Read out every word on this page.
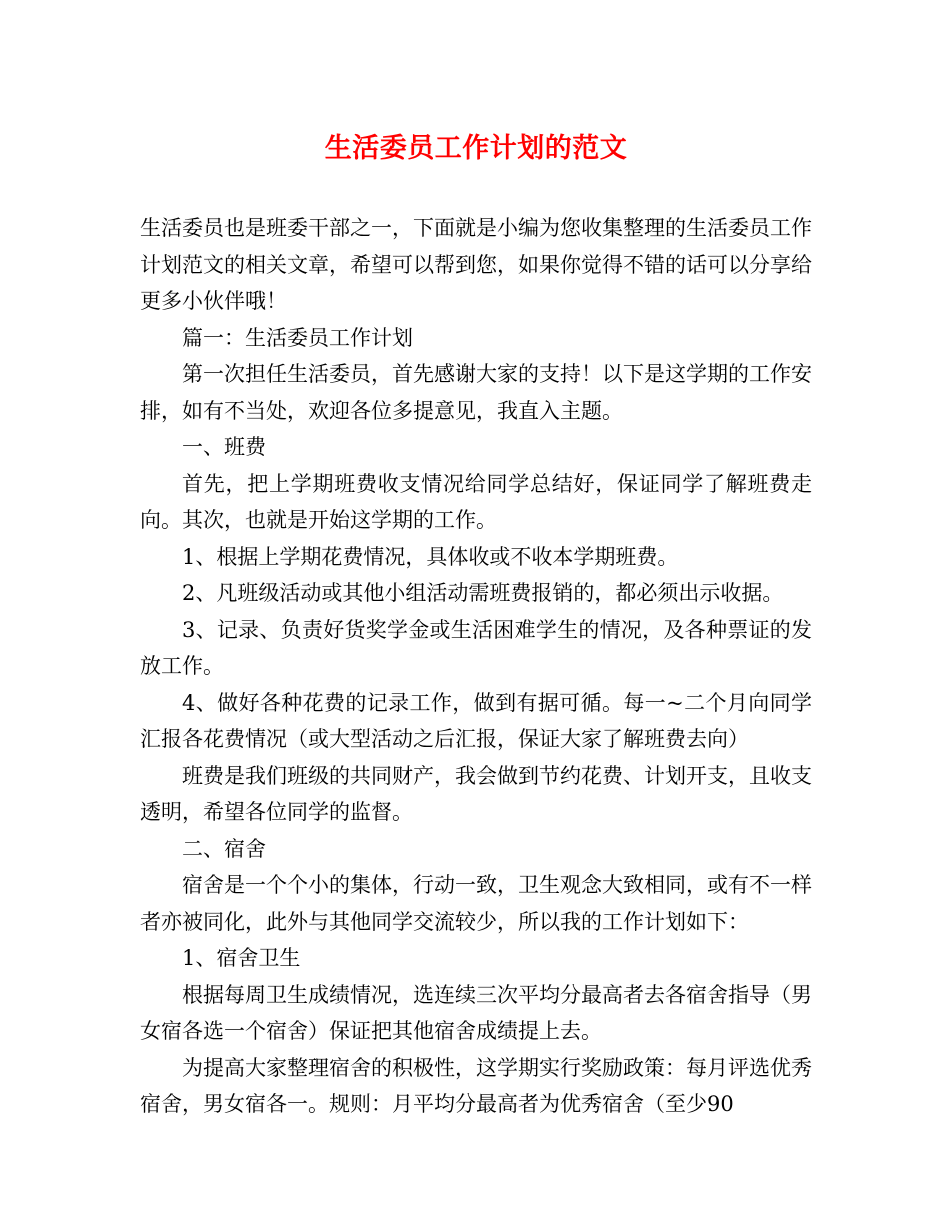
生活委员工作计划的范文

生活委员也是班委干部之一，下面就是小编为您收集整理的生活委员工作计划范文的相关文章，希望可以帮到您，如果你觉得不错的话可以分享给更多小伙伴哦！

篇一：生活委员工作计划

第一次担任生活委员，首先感谢大家的支持！以下是这学期的工作安排，如有不当处，欢迎各位多提意见，我直入主题。

一、班费

首先，把上学期班费收支情况给同学总结好，保证同学了解班费走向。其次，也就是开始这学期的工作。

1、根据上学期花费情况，具体收或不收本学期班费。

2、凡班级活动或其他小组活动需班费报销的，都必须出示收据。

3、记录、负责好货奖学金或生活困难学生的情况，及各种票证的发放工作。

4、做好各种花费的记录工作，做到有据可循。每一~二个月向同学汇报各花费情况（或大型活动之后汇报，保证大家了解班费去向）

班费是我们班级的共同财产，我会做到节约花费、计划开支，且收支透明，希望各位同学的监督。

二、宿舍

宿舍是一个个小的集体，行动一致，卫生观念大致相同，或有不一样者亦被同化，此外与其他同学交流较少，所以我的工作计划如下：

1、宿舍卫生

根据每周卫生成绩情况，选连续三次平均分最高者去各宿舍指导（男女宿各选一个宿舍）保证把其他宿舍成绩提上去。

为提高大家整理宿舍的积极性，这学期实行奖励政策：每月评选优秀宿舍，男女宿各一。规则：月平均分最高者为优秀宿舍（至少90
